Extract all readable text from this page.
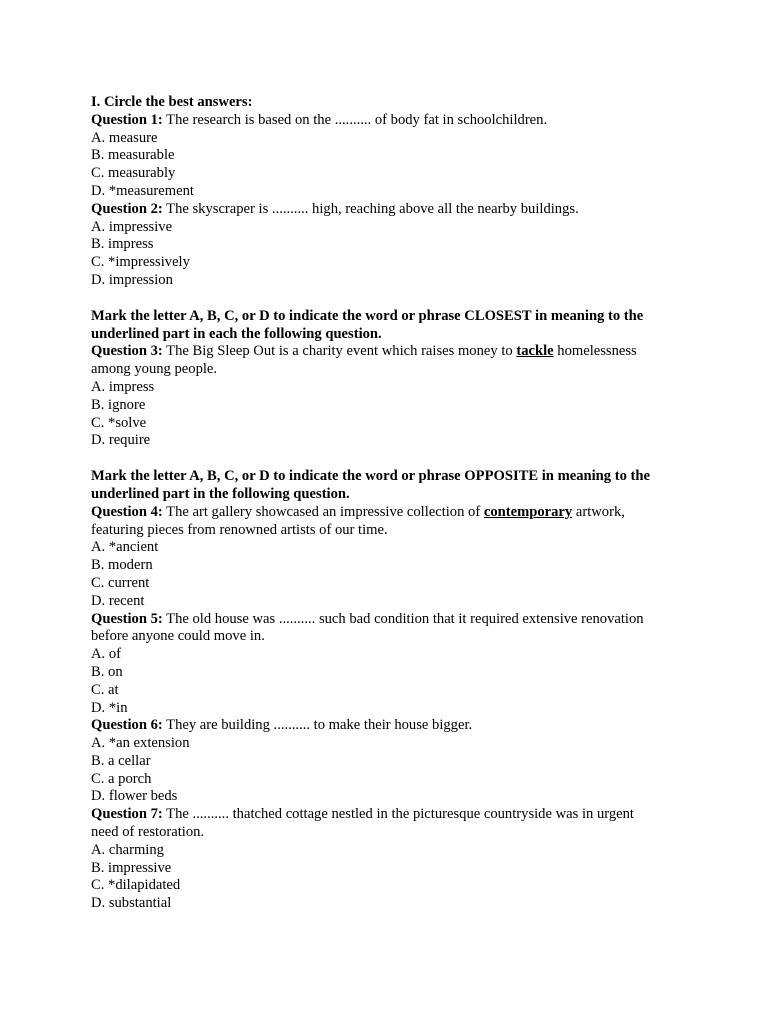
I. Circle the best answers:
Question 1: The research is based on the .......... of body fat in schoolchildren.
A. measure
B. measurable
C. measurably
D. *measurement
Question 2: The skyscraper is .......... high, reaching above all the nearby buildings.
A. impressive
B. impress
C. *impressively
D. impression
Mark the letter A, B, C, or D to indicate the word or phrase CLOSEST in meaning to the underlined part in each the following question.
Question 3: The Big Sleep Out is a charity event which raises money to tackle homelessness among young people.
A. impress
B. ignore
C. *solve
D. require
Mark the letter A, B, C, or D to indicate the word or phrase OPPOSITE in meaning to the underlined part in the following question.
Question 4: The art gallery showcased an impressive collection of contemporary artwork, featuring pieces from renowned artists of our time.
A. *ancient
B. modern
C. current
D. recent
Question 5: The old house was .......... such bad condition that it required extensive renovation before anyone could move in.
A. of
B. on
C. at
D. *in
Question 6: They are building .......... to make their house bigger.
A. *an extension
B. a cellar
C. a porch
D. flower beds
Question 7: The .......... thatched cottage nestled in the picturesque countryside was in urgent need of restoration.
A. charming
B. impressive
C. *dilapidated
D. substantial
